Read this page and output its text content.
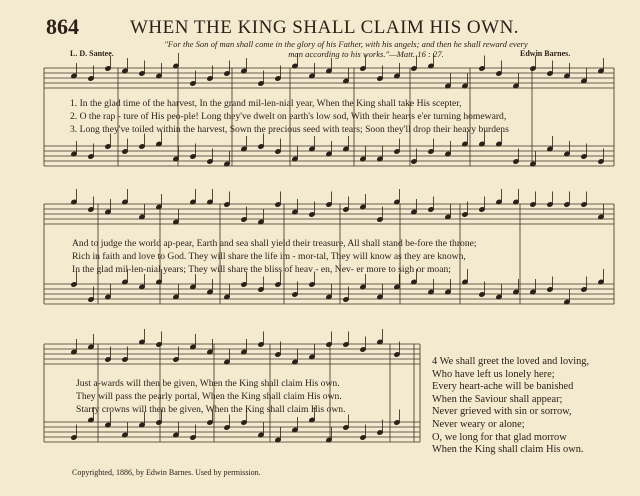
864	WHEN THE KING SHALL CLAIM HIS OWN.
"For the Son of man shall come in the glory of his Father, with his angels; and then he shall reward every
man according to his works."—Matt. 16 : 27.
L. D. Santee.	Edwin Barnes.
1. In the glad time of the harvest, In the grand mil-len-nial year, When the King shall take His scepter,
2. O the rap - ture of His peo-ple! Long they've dwelt on earth's low sod, With their hearts e'er turning homeward,
3. Long they've toiled within the harvest, Sown the precious seed with tears; Soon they'll drop their heavy burdens
And to judge the world ap-pear, Earth and sea shall yield their treasure, All shall stand be-fore the throne;
Rich in faith and love to God. They will share the life im - mor-tal, They will know as they are known,
In the glad mil-len-nial years; They will share the bliss of heav - en, Nev- er more to sigh or moan;
Just a-wards will then be given, When the King shall claim His own.
They will pass the pearly portal, When the King shall claim His own.
Starry crowns will then be given, When the King shall claim His own.
4 We shall greet the loved and loving,
Who have left us lonely here;
Every heart-ache will be banished
When the Saviour shall appear;
Never grieved with sin or sorrow,
Never weary or alone;
O, we long for that glad morrow
When the King shall claim His own.
Copyrighted, 1886, by Edwin Barnes. Used by permission.
